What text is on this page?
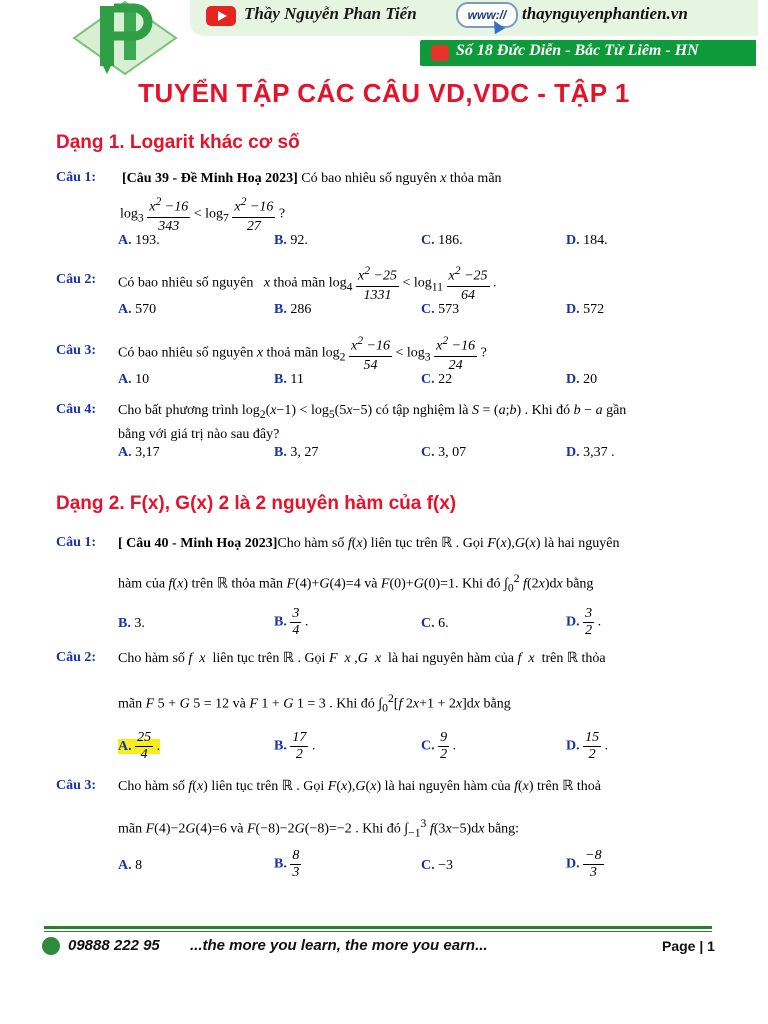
Thầy Nguyễn Phan Tiến	www:// thaynguyenphantien.vn
Số 18 Đức Diễn - Bắc Từ Liêm - HN
TUYỂN TẬP CÁC CÂU VD,VDC - TẬP 1
Dạng 1. Logarit khác cơ số
Câu 1: [Câu 39 - Đề Minh Hoạ 2023] Có bao nhiêu số nguyên x thỏa mãn
$\log_3 \frac{x^2 -16}{343} < \log_7 \frac{x^2 -16}{27}$ ?
A. 193.	B. 92.	C. 186.	D. 184.
Câu 2: Có bao nhiêu số nguyên   x thoả mãn $\log_4 \frac{x^2 -25}{1331} < \log_{11} \frac{x^2 -25}{64}$ .
A. 570	B. 286	C. 573	D. 572
Câu 3: Có bao nhiêu số nguyên x thoả mãn $\log_2 \frac{x^2 -16}{54} < \log_3 \frac{x^2 -16}{24}$ ?
A. 10	B. 11	C. 22	D. 20
Câu 4: Cho bất phương trình $\log_2(x-1) < \log_5(5x-5)$ có tập nghiệm là S = (a;b) . Khi đó b − a gần
bằng với giá trị nào sau đây?
A. 3,17	B. 3, 27	C. 3, 07	D. 3,37 .
Dạng 2. F(x), G(x) 2 là 2 nguyên hàm của f(x)
Câu 1: [ Câu 40 - Minh Hoạ 2023]Cho hàm số f(x) liên tục trên ℝ . Gọi F(x),G(x) là hai nguyên
hàm của f(x) trên ℝ thỏa mãn F(4)+G(4)=4 và F(0)+G(0)=1. Khi đó $\int_0^2$ f(2x)dx bằng
B. 3.	B. $\frac{3}{4}$ .	C. 6.	D. $\frac{3}{2}$ .
Câu 2: Cho hàm số f  x  liên tục trên ℝ . Gọi F  x ,G  x  là hai nguyên hàm của f  x  trên ℝ thỏa
mãn F 5 + G 5 = 12 và F 1 + G 1 = 3 . Khi đó $\int_0^2[f$ 2x+1 + 2x]dx bằng
A. $\frac{25}{4}$ .	B. $\frac{17}{2}$ .	C. $\frac{9}{2}$ .	D. $\frac{15}{2}$ .
Câu 3: Cho hàm số f(x) liên tục trên ℝ . Gọi F(x),G(x) là hai nguyên hàm của f(x) trên ℝ thoả
mãn F(4)−2G(4)=6 và F(−8)−2G(−8)=−2 . Khi đó $\int_{-1}^3$ f(3x−5)dx bằng:
A. 8	B. $\frac{8}{3}$	C. −3	D. $\frac{-8}{3}$
09888 222 95 ...the more you learn, the more you earn...	Page | 1
